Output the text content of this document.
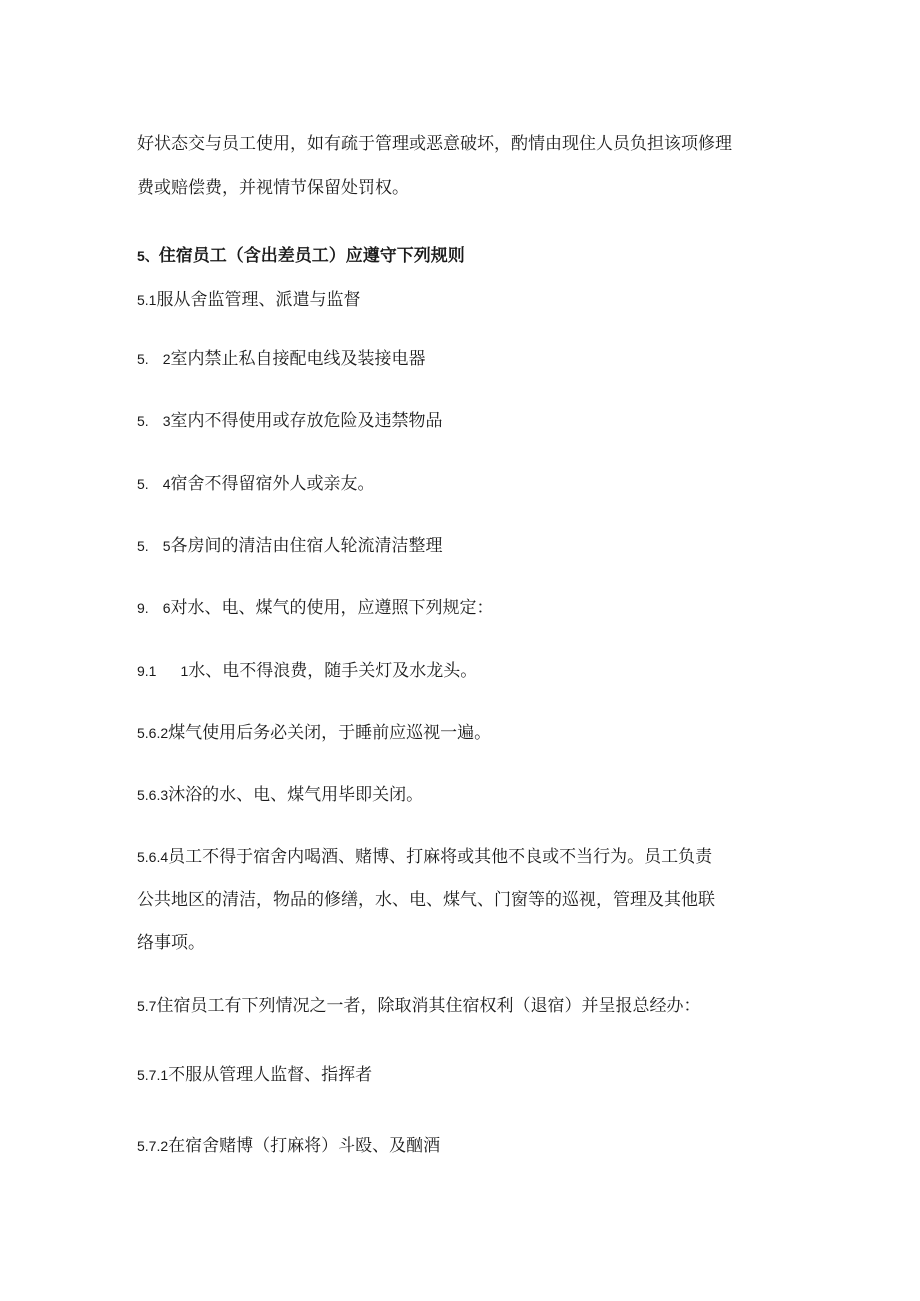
好状态交与员工使用，如有疏于管理或恶意破坏，酌情由现住人员负担该项修理
费或赔偿费，并视情节保留处罚权。
5、住宿员工（含出差员工）应遵守下列规则
5.1服从舍监管理、派遣与监督
5. 2室内禁止私自接配电线及装接电器
5. 3室内不得使用或存放危险及违禁物品
5. 4宿舍不得留宿外人或亲友。
5. 5各房间的清洁由住宿人轮流清洁整理
9. 6对水、电、煤气的使用，应遵照下列规定：
9.1 1水、电不得浪费，随手关灯及水龙头。
5.6.2煤气使用后务必关闭，于睡前应巡视一遍。
5.6.3沐浴的水、电、煤气用毕即关闭。
5.6.4员工不得于宿舍内喝酒、赌博、打麻将或其他不良或不当行为。员工负责
公共地区的清洁，物品的修缮，水、电、煤气、门窗等的巡视，管理及其他联
络事项。
5.7住宿员工有下列情况之一者，除取消其住宿权利（退宿）并呈报总经办：
5.7.1不服从管理人监督、指挥者
5.7.2在宿舍赌博（打麻将）斗殴、及酗酒
